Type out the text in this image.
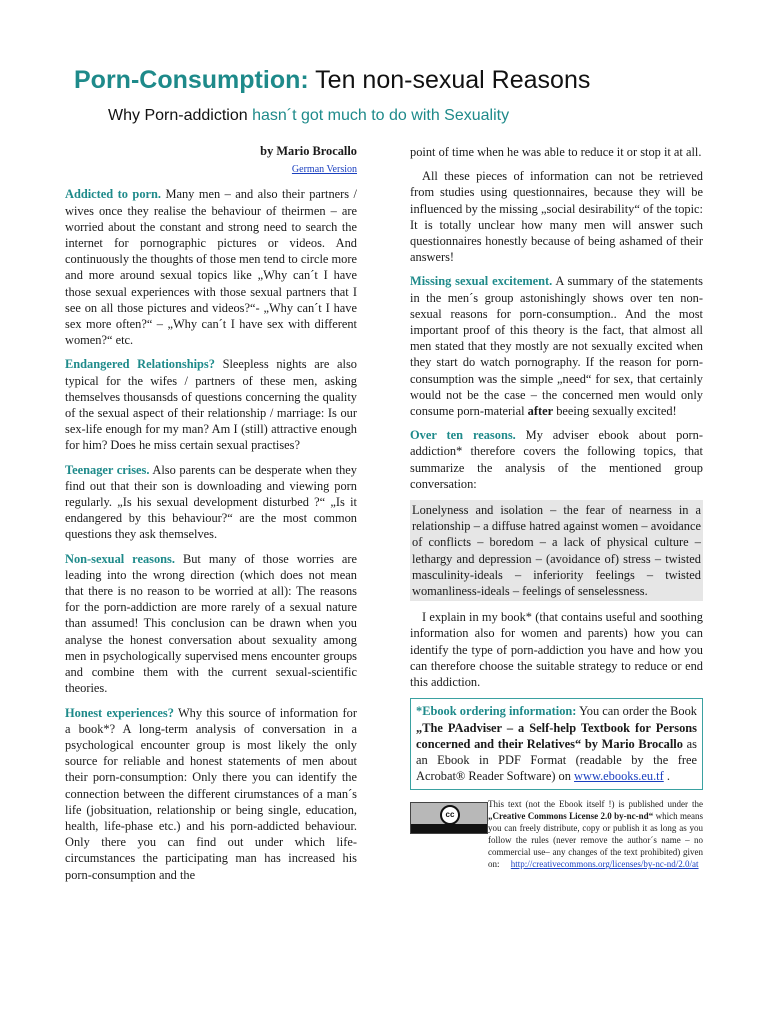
Porn-Consumption: Ten non-sexual Reasons
Why Porn-addiction hasn´t got much to do with Sexuality

by Mario Brocallo

German Version

Addicted to porn. Many men – and also their partners / wives once they realise the behaviour of theirmen – are worried about the constant and strong need to search the internet for pornographic pictures or videos. And continuously the thoughts of those men tend to circle more and more around sexual topics like „Why can´t I have those sexual experiences with those sexual partners that I see on all those pictures and videos?“- „Why can´t I have sex more often?“ – „Why can´t I have sex with different women?“ etc.

Endangered Relationships? Sleepless nights are also typical for the wifes / partners of these men, asking themselves thousansds of questions concerning the quality of the sexual aspect of their relationship / marriage: Is our sex-life enough for my man? Am I (still) attractive enough for him? Does he miss certain sexual practises?

Teenager crises. Also parents can be desperate when they find out that their son is downloading and viewing porn regularly. „Is his sexual development disturbed ?“ „Is it endangered by this behaviour?“ are the most common questions they ask themselves.

Non-sexual reasons. But many of those worries are leading into the wrong direction (which does not mean that there is no reason to be worried at all): The reasons for the porn-addiction are more rarely of a sexual nature than assumed! This conclusion can be drawn when you analyse the honest conversation about sexuality among men in psychologically supervised mens encounter groups and combine them with the current sexual-scientific theories.

Honest experiences? Why this source of information for a book*? A long-term analysis of conversation in a psychological encounter group is most likely the only source for reliable and honest statements of men about their porn-consumption: Only there you can identify the connection between the different cirumstances of a man´s life (jobsituation, relationship or being single, education, health, life-phase etc.) and his porn-addicted behaviour. Only there you can find out under which life-circumstances the participating man has increased his porn-consumption and the

point of time when he was able to reduce it or stop it at all.

All these pieces of information can not be retrieved from studies using questionnaires, because they will be influenced by the missing „social desirability“ of the topic: It is totally unclear how many men will answer such questionnaires honestly because of being ashamed of their answers!

Missing sexual excitement. A summary of the statements in the men´s group astonishingly shows over ten non-sexual reasons for porn-consumption.. And the most important proof of this theory is the fact, that almost all men stated that they mostly are not sexually excited when they start do watch pornography. If the reason for porn-consumption was the simple „need“ for sex, that certainly would not be the case – the concerned men would only consume porn-material after beeing sexually excited!

Over ten reasons. My adviser ebook about porn-addiction* therefore covers the following topics, that summarize the analysis of the mentioned group conversation:

Lonelyness and isolation – the fear of nearness in a relationship – a diffuse hatred against women – avoidance of conflicts – boredom – a lack of physical culture – lethargy and depression – (avoidance of) stress – twisted masculinity-ideals – inferiority feelings – twisted womanliness-ideals – feelings of senselessness.

I explain in my book* (that contains useful and soothing information also for women and parents) how you can identify the type of porn-addiction you have and how you can therefore choose the suitable strategy to reduce or end this addiction.

*Ebook ordering information: You can order the Book „The PAadviser – a Self-help Textbook for Persons concerned and their Relatives“ by Mario Brocallo as an Ebook in PDF Format (readable by the free Acrobat® Reader Software) on www.ebooks.eu.tf .
cc

This text (not the Ebook itself !) is published under the „Creative Commons License 2.0 by-nc-nd“ which means you can freely distribute, copy or publish it as long as you follow the rules (never remove the author´s name – no commercial use– any changes of the text prohibited) given on: http://creativecommons.org/licenses/by-nc-nd/2.0/at
